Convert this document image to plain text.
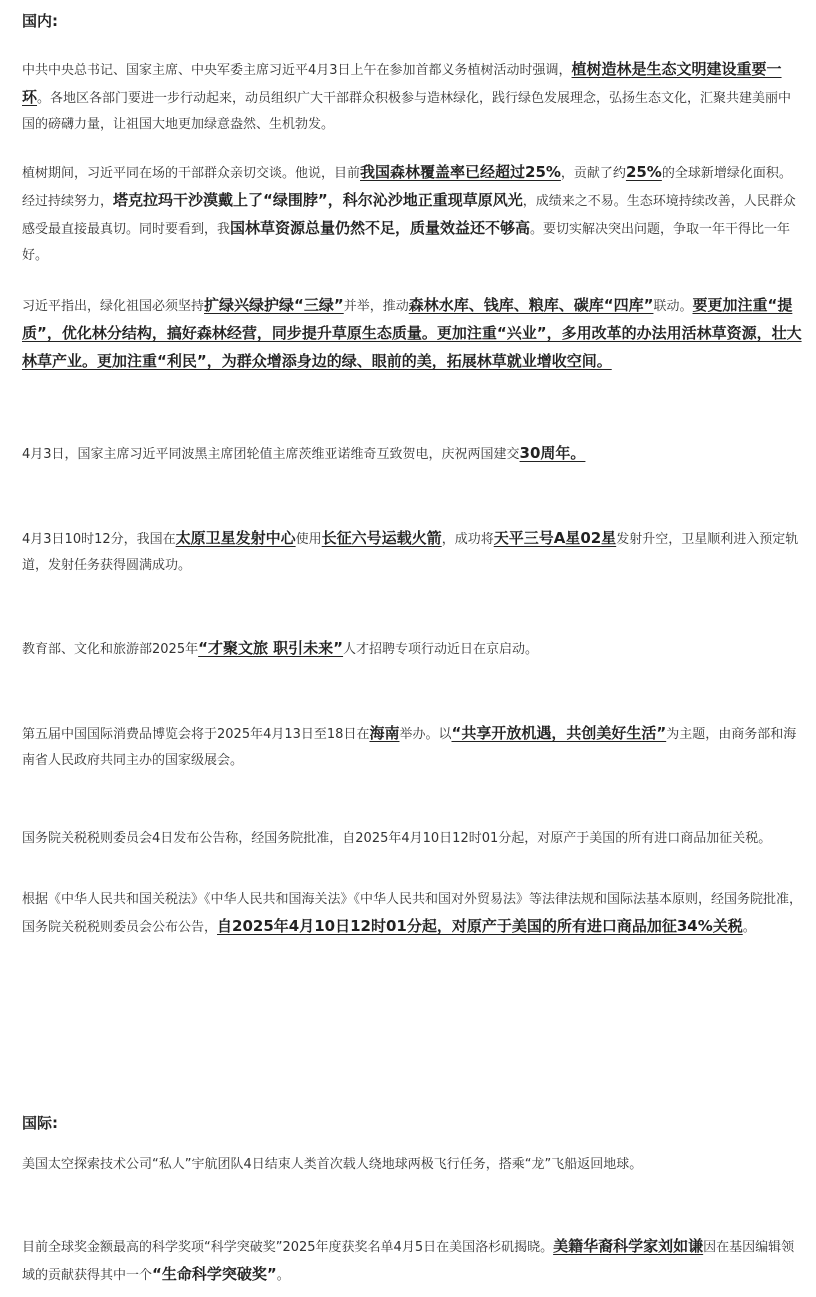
国内:

中共中央总书记、国家主席、中央军委主席习近平4月3日上午在参加首都义务植树活动时强调，植树造林是生态文明建设重要一环。各地区各部门要进一步行动起来，动员组织广大干部群众积极参与造林绿化，践行绿色发展理念，弘扬生态文化，汇聚共建美丽中国的磅礴力量，让祖国大地更加绿意盎然、生机勃发。

植树期间，习近平同在场的干部群众亲切交谈。他说，目前我国森林覆盖率已经超过25%，贡献了约25%的全球新增绿化面积。经过持续努力，塔克拉玛干沙漠戴上了“绿围脖”，科尔沁沙地正重现草原风光，成绩来之不易。生态环境持续改善，人民群众感受最直接最真切。同时要看到，我国林草资源总量仍然不足，质量效益还不够高。要切实解决突出问题，争取一年干得比一年好。

习近平指出，绿化祖国必须坚持扩绿兴绿护绿“三绿”并举，推动森林水库、钱库、粮库、碳库“四库”联动。要更加注重“提质”，优化林分结构，搞好森林经营，同步提升草原生态质量。更加注重“兴业”，多用改革的办法用活林草资源，壮大林草产业。更加注重“利民”，为群众增添身边的绿、眼前的美，拓展林草就业增收空间。

4月3日，国家主席习近平同波黑主席团轮值主席茨维亚诺维奇互致贺电，庆祝两国建交30周年。

4月3日10时12分，我国在太原卫星发射中心使用长征六号运载火箭，成功将天平三号A星02星发射升空，卫星顺利进入预定轨道，发射任务获得圆满成功。

教育部、文化和旅游部2025年“才聚文旅 职引未来”人才招聘专项行动近日在京启动。

第五届中国国际消费品博览会将于2025年4月13日至18日在海南举办。以“共享开放机遇，共创美好生活”为主题，由商务部和海南省人民政府共同主办的国家级展会。

国务院关税税则委员会4日发布公告称，经国务院批准，自2025年4月10日12时01分起，对原产于美国的所有进口商品加征关税。

根据《中华人民共和国关税法》《中华人民共和国海关法》《中华人民共和国对外贸易法》等法律法规和国际法基本原则，经国务院批准，国务院关税税则委员会公布公告，自2025年4月10日12时01分起，对原产于美国的所有进口商品加征34%关税。

国际:

美国太空探索技术公司“私人”宇航团队4日结束人类首次载人绕地球两极飞行任务，搭乘“龙”飞船返回地球。

目前全球奖金额最高的科学奖项“科学突破奖”2025年度获奖名单4月5日在美国洛杉矶揭晓。美籍华裔科学家刘如谦因在基因编辑领域的贡献获得其中一个“生命科学突破奖”。
